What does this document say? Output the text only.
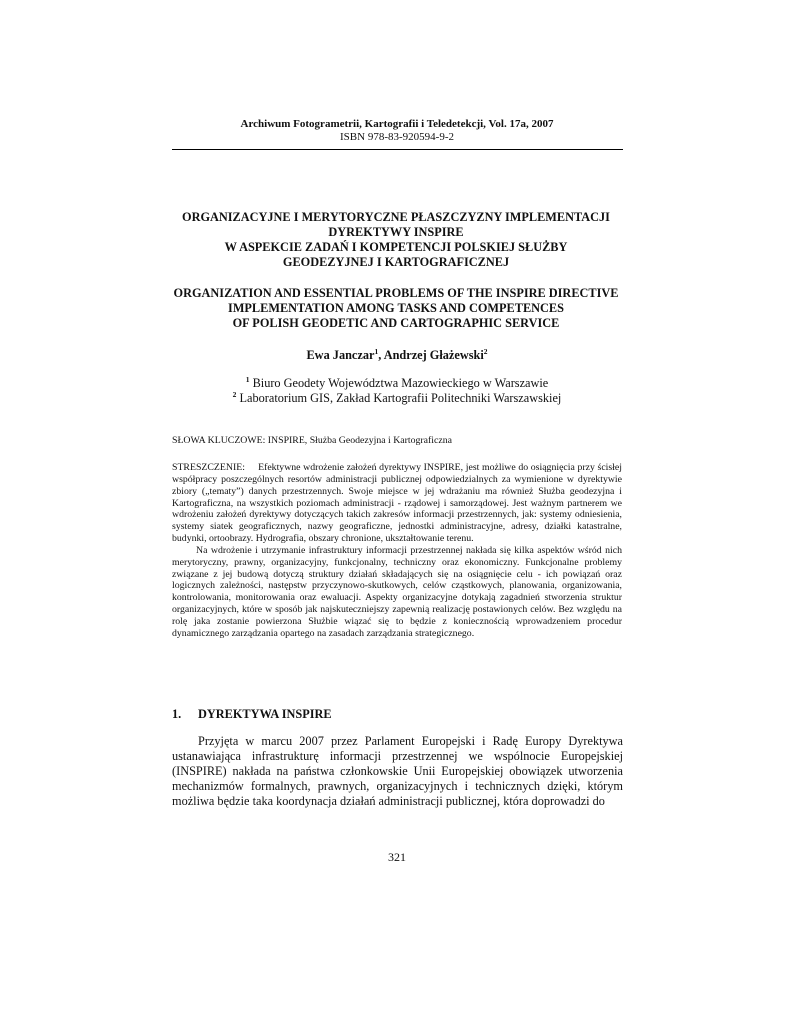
Archiwum Fotogrametrii, Kartografii i Teledetekcji, Vol. 17a, 2007
ISBN 978-83-920594-9-2
ORGANIZACYJNE I MERYTORYCZNE PŁASZCZYZNY IMPLEMENTACJI
DYREKTYWY INSPIRE
W ASPEKCIE ZADAŃ I KOMPETENCJI POLSKIEJ SŁUŻBY
GEODEZYJNEJ I KARTOGRAFICZNEJ
ORGANIZATION AND ESSENTIAL PROBLEMS OF THE INSPIRE DIRECTIVE
IMPLEMENTATION AMONG TASKS AND COMPETENCES
OF POLISH GEODETIC AND CARTOGRAPHIC SERVICE
Ewa Janczar$^1$, Andrzej Głażewski$^2$
$^1$ Biuro Geodety Województwa Mazowieckiego w Warszawie
$^2$ Laboratorium GIS, Zakład Kartografii Politechniki Warszawskiej
SŁOWA KLUCZOWE: INSPIRE, Służba Geodezyjna i Kartograficzna

STRESZCZENIE:     Efektywne wdrożenie założeń dyrektywy INSPIRE, jest możliwe do osiągnięcia przy ścisłej współpracy poszczególnych resortów administracji publicznej odpowiedzialnych za wymienione w dyrektywie zbiory („tematy”) danych przestrzennych. Swoje miejsce w jej wdrażaniu ma również Służba geodezyjna i Kartograficzna, na wszystkich poziomach administracji - rządowej i samorządowej. Jest ważnym partnerem we wdrożeniu założeń dyrektywy dotyczących takich zakresów informacji przestrzennych, jak: systemy odniesienia, systemy siatek geograficznych, nazwy geograficzne, jednostki administracyjne, adresy, działki katastralne, budynki, ortoobrazy. Hydrografia, obszary chronione, ukształtowanie terenu.

Na wdrożenie i utrzymanie infrastruktury informacji przestrzennej nakłada się kilka aspektów wśród nich merytoryczny, prawny, organizacyjny, funkcjonalny, techniczny oraz ekonomiczny. Funkcjonalne problemy związane z jej budową dotyczą struktury działań składających się na osiągnięcie celu - ich powiązań oraz logicznych zależności, następstw przyczynowo-skutkowych, celów cząstkowych, planowania, organizowania, kontrolowania, monitorowania oraz ewaluacji. Aspekty organizacyjne dotykają zagadnień stworzenia struktur organizacyjnych, które w sposób jak najskuteczniejszy zapewnią realizację postawionych celów. Bez względu na rolę jaka zostanie powierzona Służbie wiązać się to będzie z koniecznością wprowadzeniem procedur dynamicznego zarządzania opartego na zasadach zarządzania strategicznego.

1. DYREKTYWA INSPIRE

Przyjęta w marcu 2007 przez Parlament Europejski i Radę Europy Dyrektywa ustanawiająca infrastrukturę informacji przestrzennej we wspólnocie Europejskiej (INSPIRE) nakłada na państwa członkowskie Unii Europejskiej obowiązek utworzenia mechanizmów formalnych, prawnych, organizacyjnych i technicznych dzięki, którym możliwa będzie taka koordynacja działań administracji publicznej, która doprowadzi do

321
